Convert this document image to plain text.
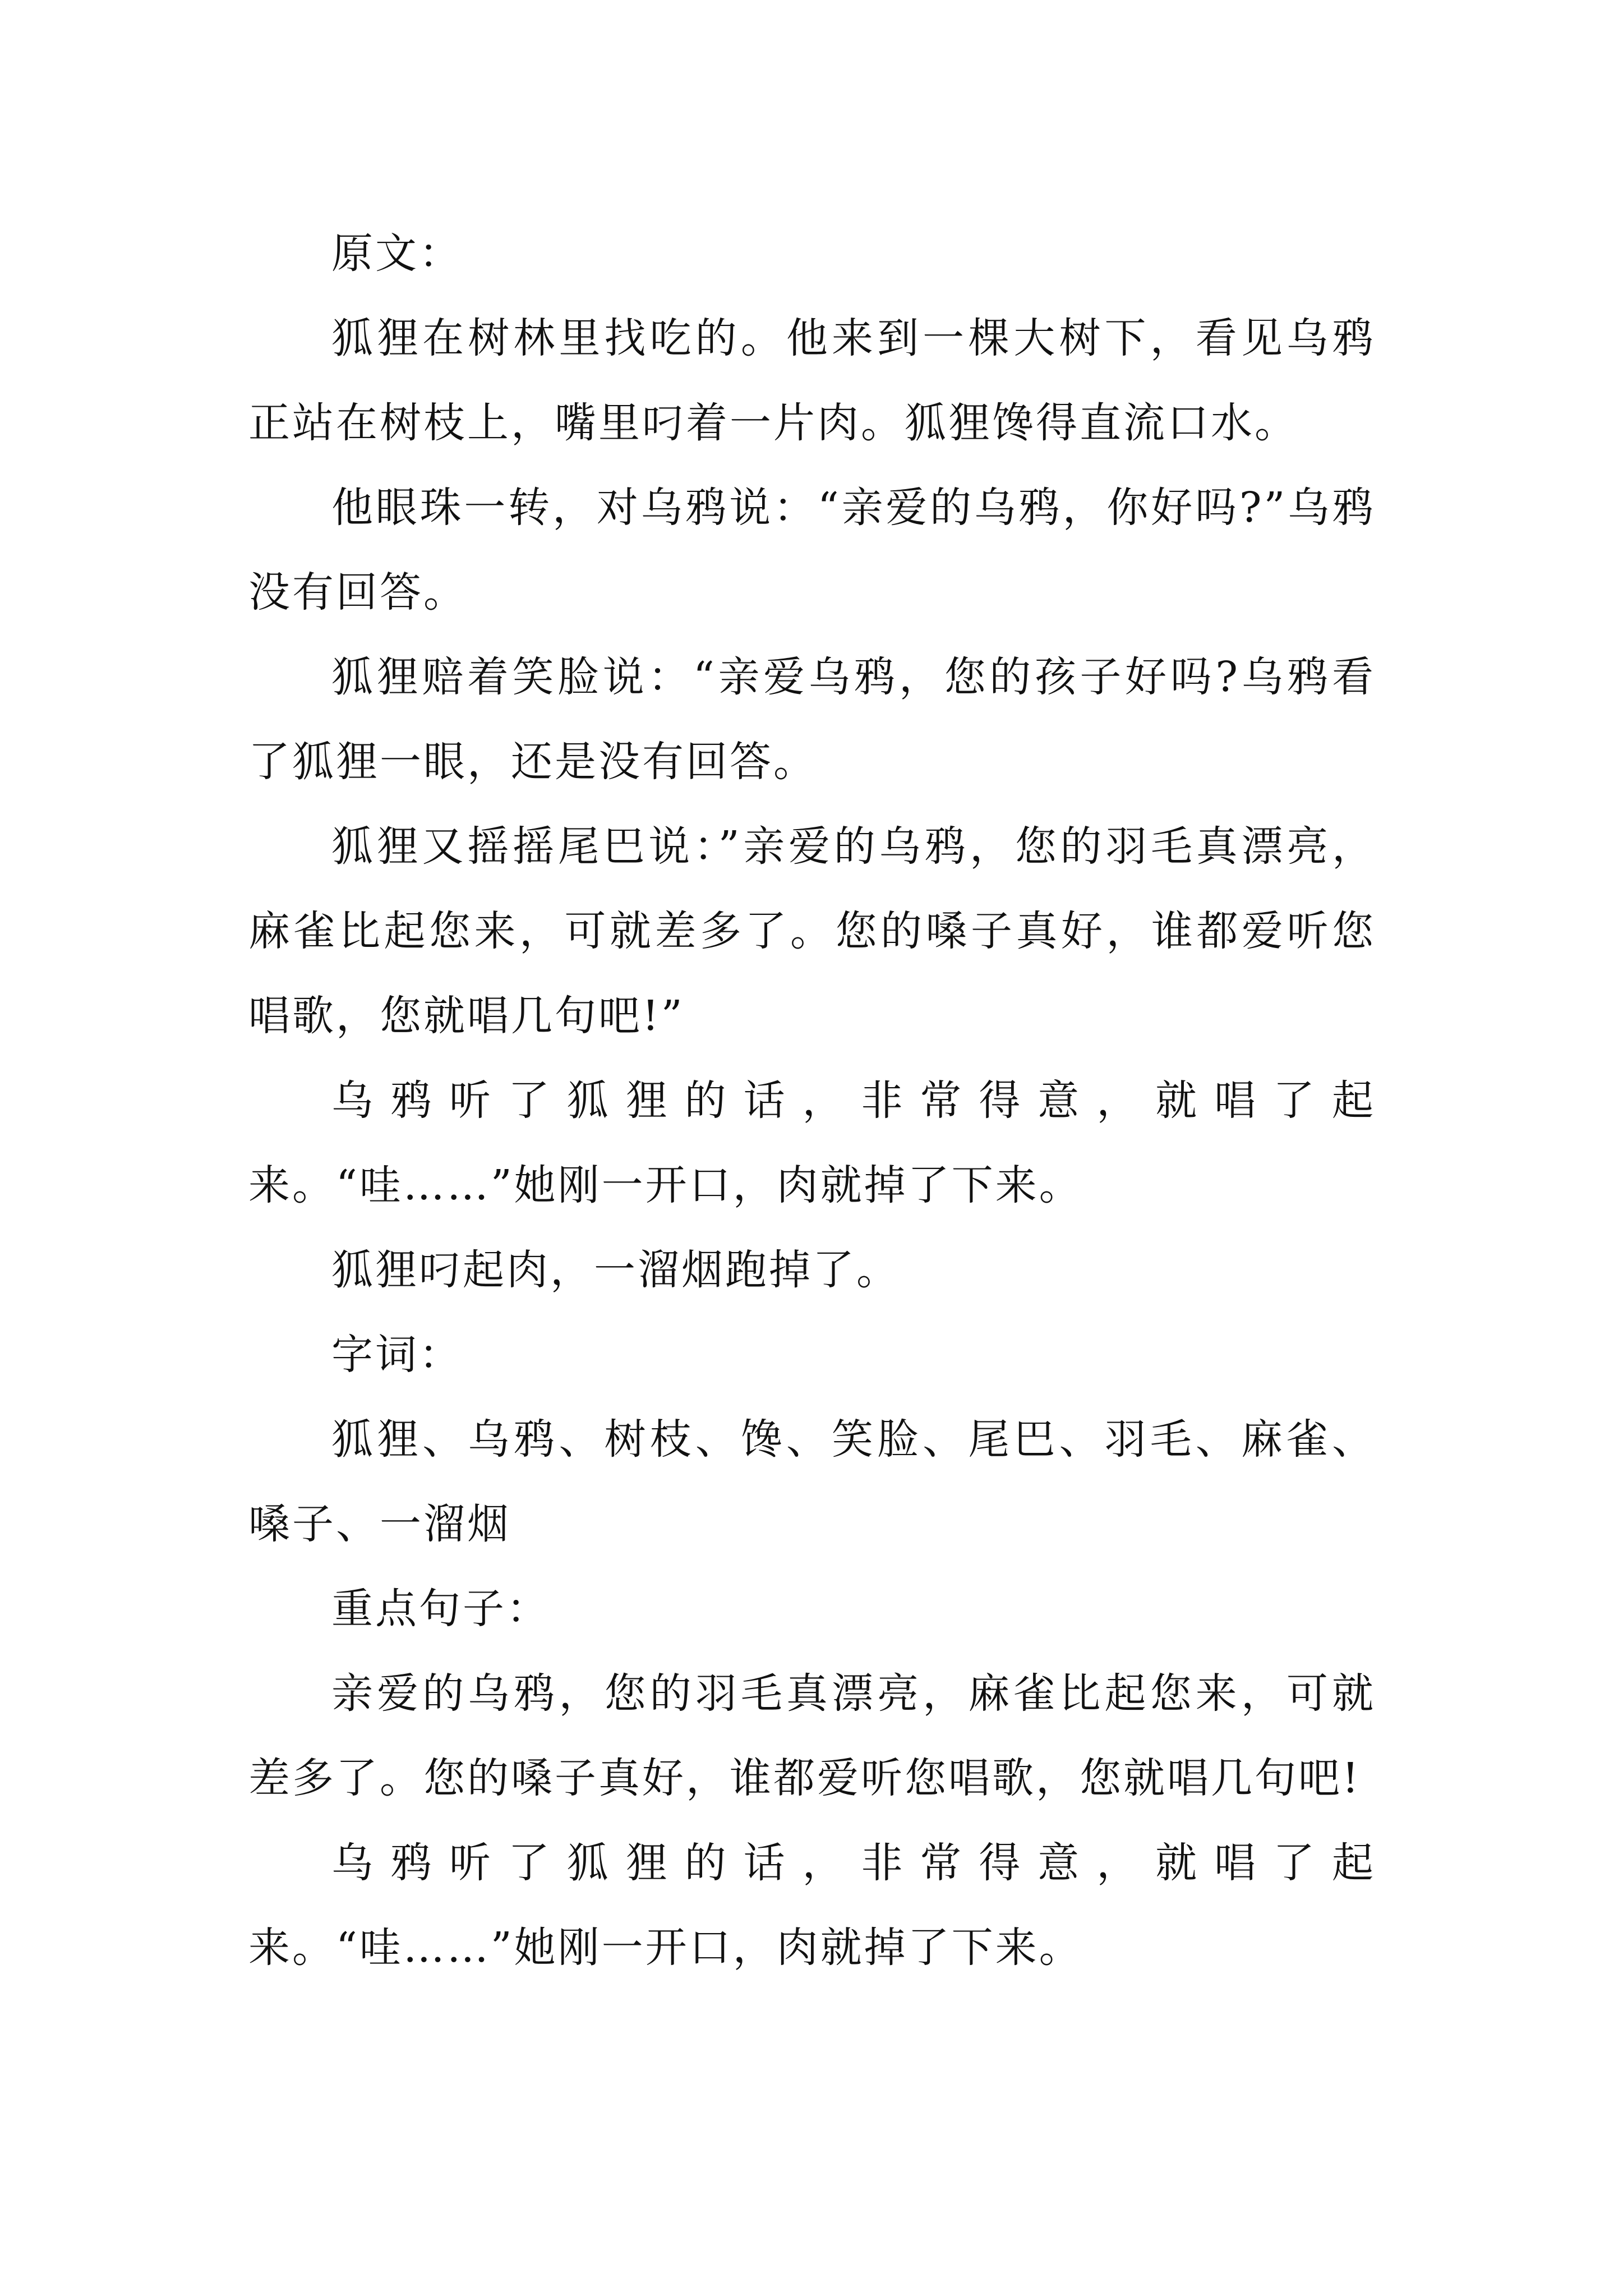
原文：

狐狸在树林里找吃的。他来到一棵大树下，看见乌鸦正站在树枝上，嘴里叼着一片肉。狐狸馋得直流口水。

他眼珠一转，对乌鸦说：“亲爱的乌鸦，你好吗?”乌鸦没有回答。

狐狸赔着笑脸说：“亲爱乌鸦，您的孩子好吗?乌鸦看了狐狸一眼，还是没有回答。

狐狸又摇摇尾巴说：”亲爱的乌鸦，您的羽毛真漂亮，麻雀比起您来，可就差多了。您的嗓子真好，谁都爱听您唱歌，您就唱几句吧!”

乌鸦听了狐狸的话，非常得意，就唱了起来。“哇……”她刚一开口，肉就掉了下来。

狐狸叼起肉，一溜烟跑掉了。

字词：

狐狸、乌鸦、树枝、馋、笑脸、尾巴、羽毛、麻雀、嗓子、一溜烟

重点句子：

亲爱的乌鸦，您的羽毛真漂亮，麻雀比起您来，可就差多了。您的嗓子真好，谁都爱听您唱歌，您就唱几句吧!

乌鸦听了狐狸的话，非常得意，就唱了起来。“哇……”她刚一开口，肉就掉了下来。
